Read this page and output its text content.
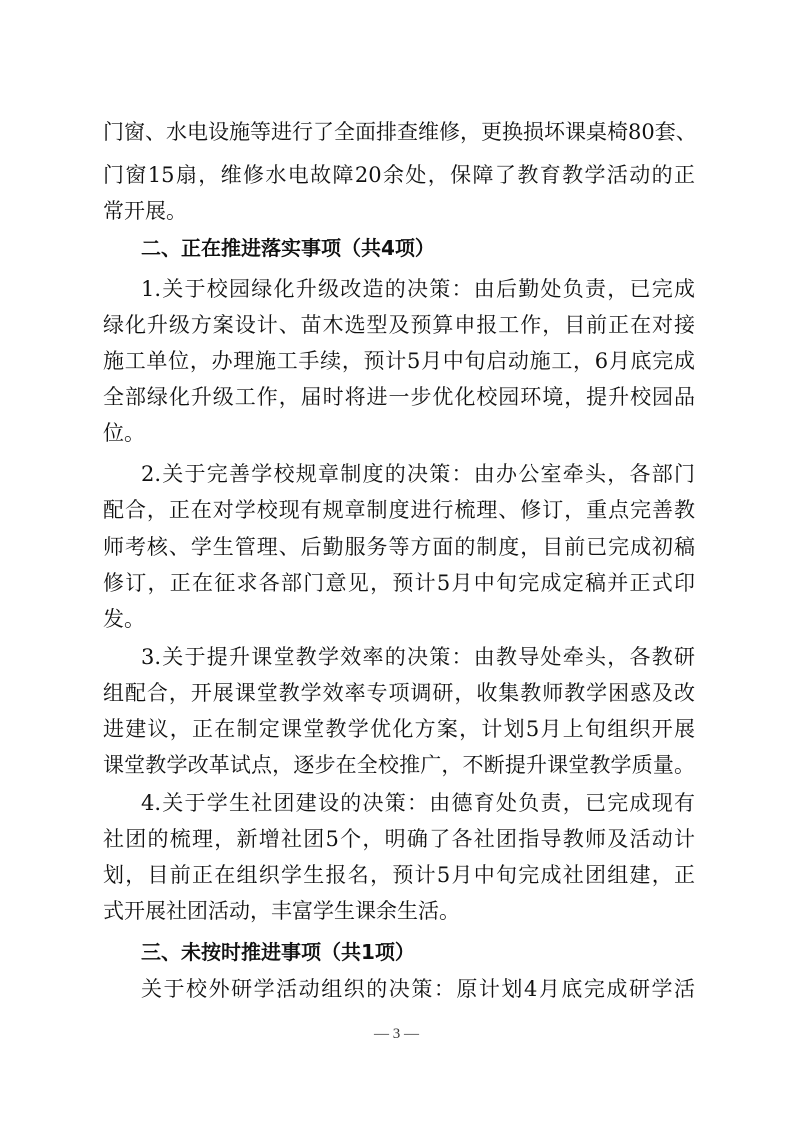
门窗、水电设施等进行了全面排查维修，更换损坏课桌椅80套、
门窗15扇，维修水电故障20余处，保障了教育教学活动的正
常开展。
二、正在推进落实事项（共4项）
1.关于校园绿化升级改造的决策：由后勤处负责，已完成
绿化升级方案设计、苗木选型及预算申报工作，目前正在对接
施工单位，办理施工手续，预计5月中旬启动施工，6月底完成
全部绿化升级工作，届时将进一步优化校园环境，提升校园品
位。
2.关于完善学校规章制度的决策：由办公室牵头，各部门
配合，正在对学校现有规章制度进行梳理、修订，重点完善教
师考核、学生管理、后勤服务等方面的制度，目前已完成初稿
修订，正在征求各部门意见，预计5月中旬完成定稿并正式印
发。
3.关于提升课堂教学效率的决策：由教导处牵头，各教研
组配合，开展课堂教学效率专项调研，收集教师教学困惑及改
进建议，正在制定课堂教学优化方案，计划5月上旬组织开展
课堂教学改革试点，逐步在全校推广，不断提升课堂教学质量。
4.关于学生社团建设的决策：由德育处负责，已完成现有
社团的梳理，新增社团5个，明确了各社团指导教师及活动计
划，目前正在组织学生报名，预计5月中旬完成社团组建，正
式开展社团活动，丰富学生课余生活。
三、未按时推进事项（共1项）
关于校外研学活动组织的决策：原计划4月底完成研学活
— 3 —
